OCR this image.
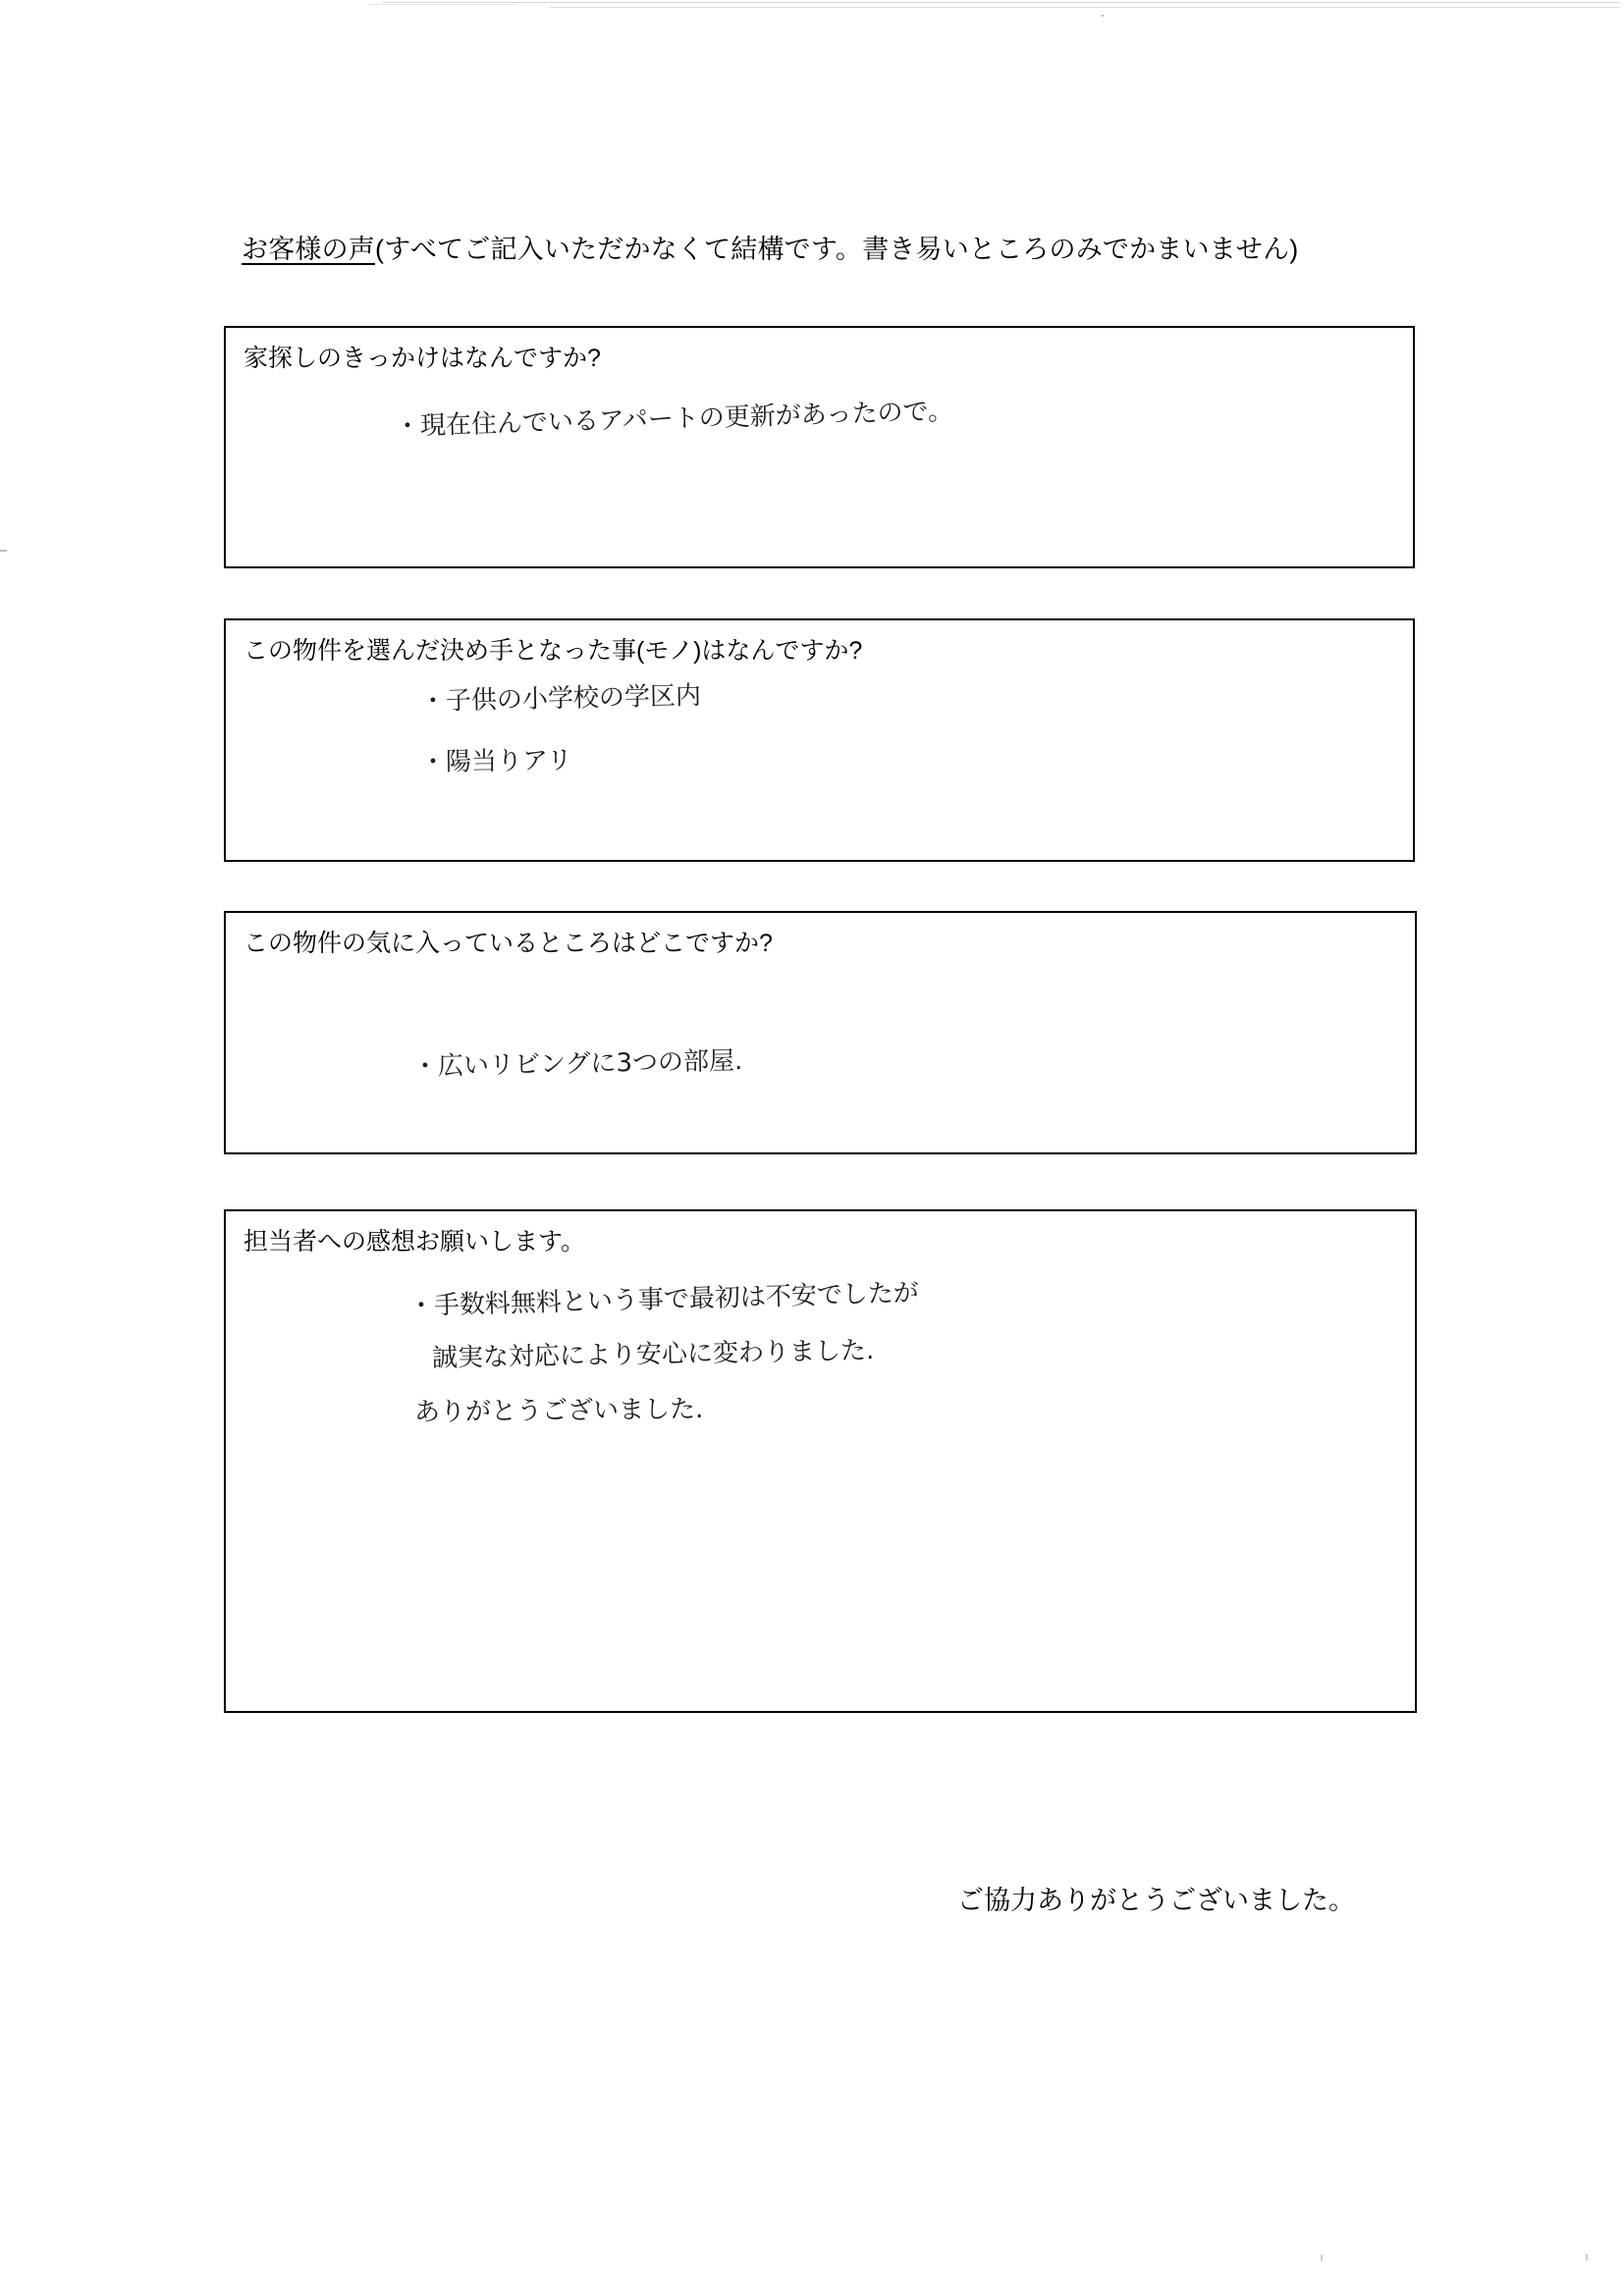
お客様の声(すべてご記入いただかなくて結構です。書き易いところのみでかまいません)
家探しのきっかけはなんですか?
・現在住んでいるアパートの更新があったので。
この物件を選んだ決め手となった事(モノ)はなんですか?
・子供の小学校の学区内
・陽当りアリ
この物件の気に入っているところはどこですか?
・広いリビングに3つの部屋.
担当者への感想お願いします。
・手数料無料という事で最初は不安でしたが
誠実な対応により安心に変わりました.
ありがとうございました.
ご協力ありがとうございました。
